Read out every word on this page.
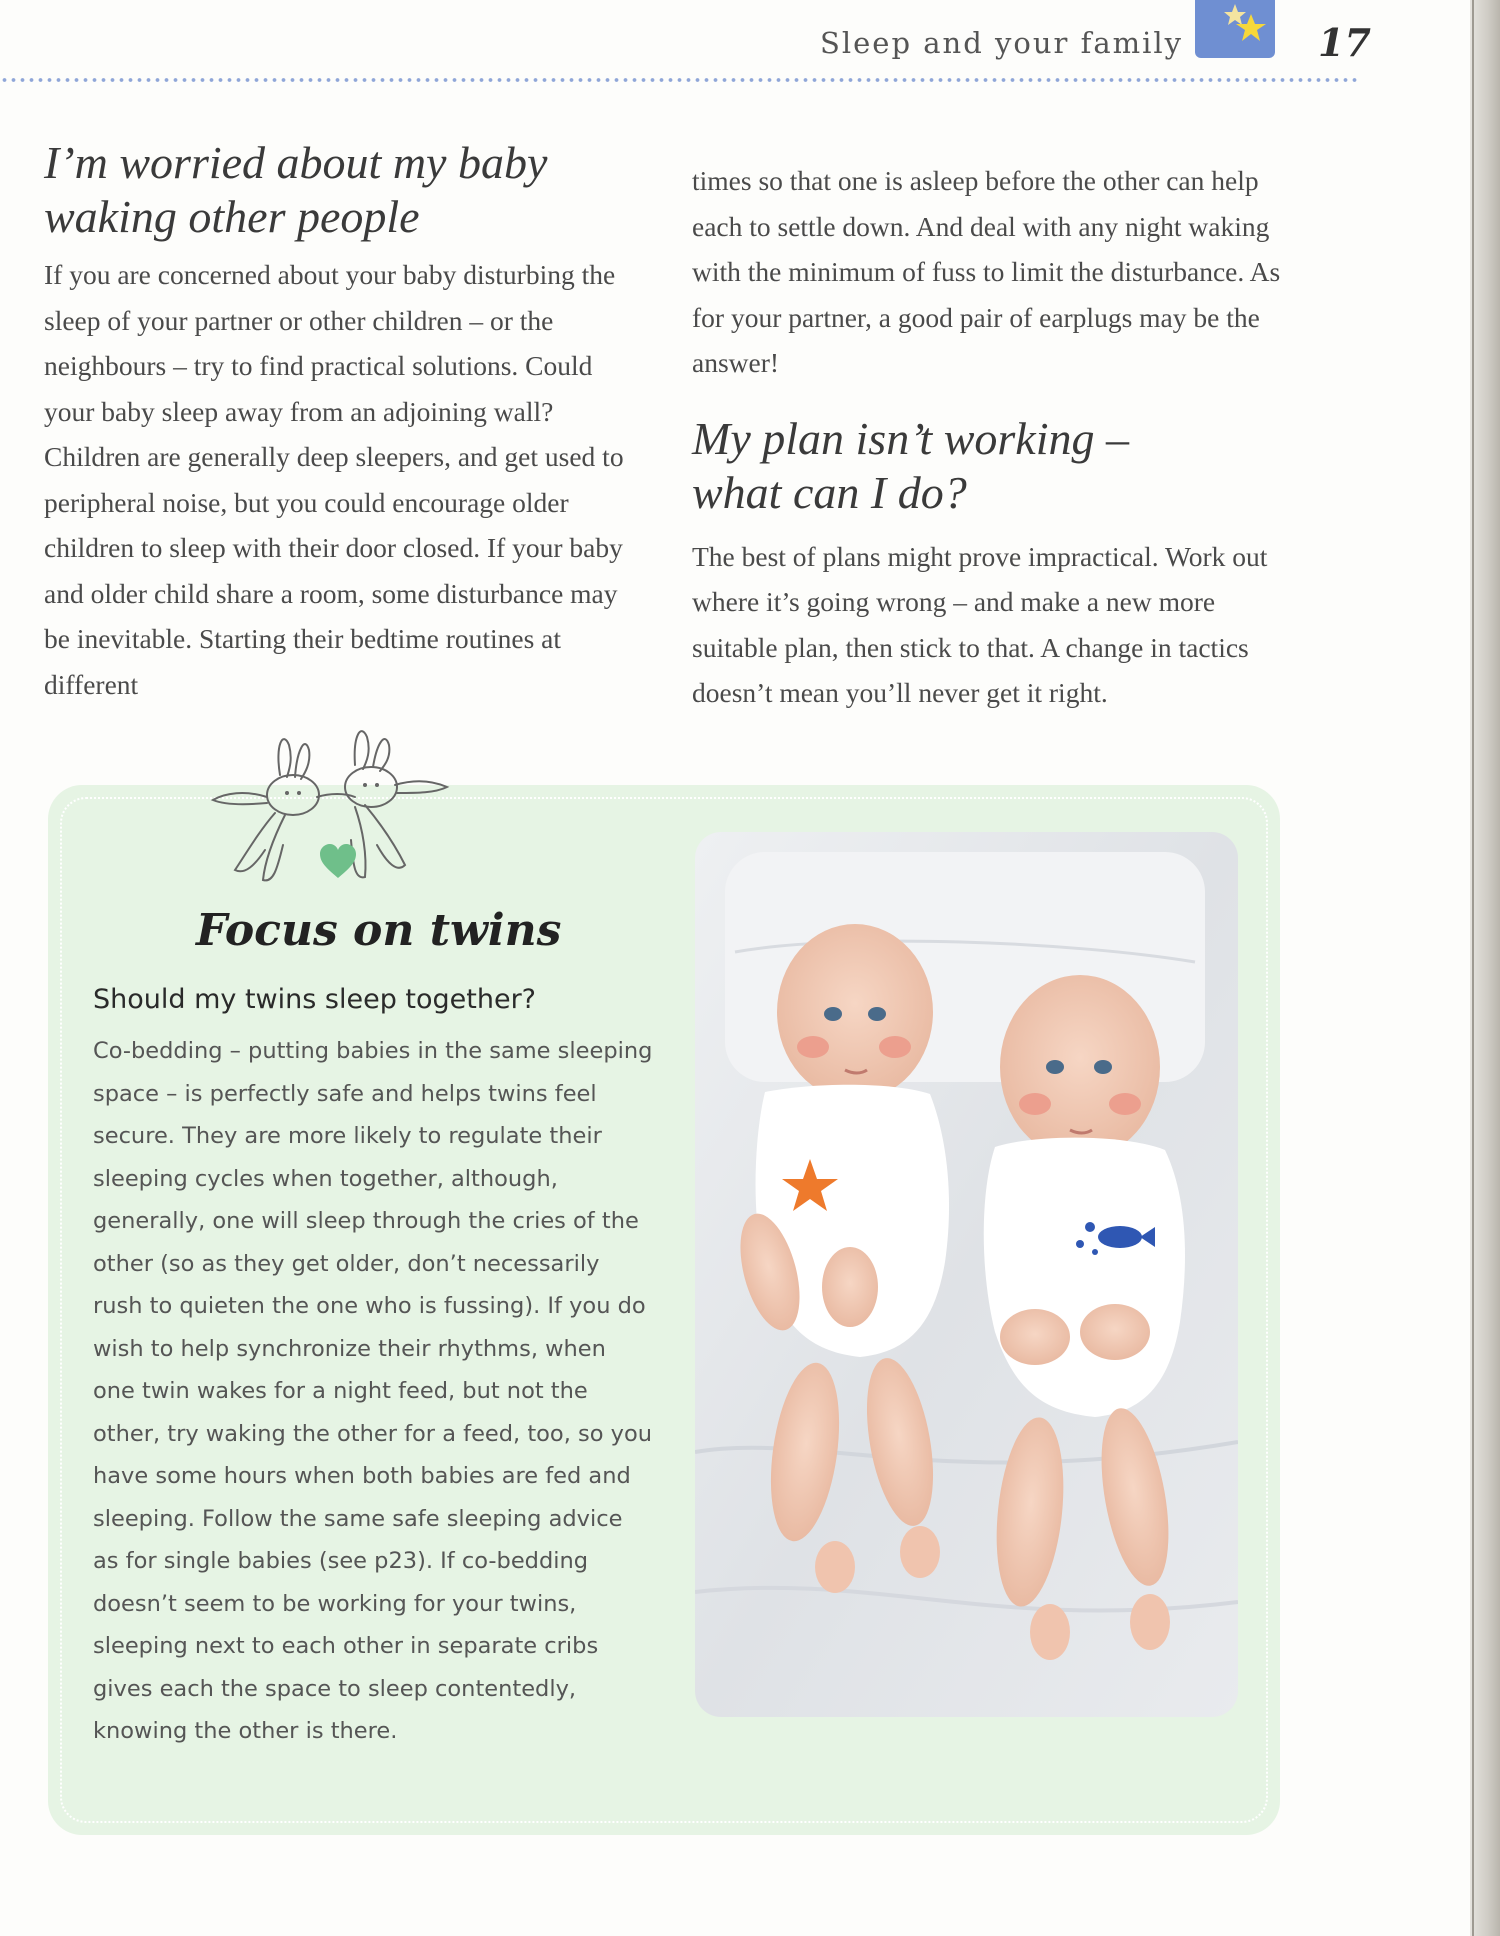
Sleep and your family	17
I’m worried about my baby
waking other people

If you are concerned about your baby disturbing the sleep of your partner or other children – or the neighbours – try to find practical solutions. Could your baby sleep away from an adjoining wall? Children are generally deep sleepers, and get used to peripheral noise, but you could encourage older children to sleep with their door closed. If your baby and older child share a room, some disturbance may be inevitable. Starting their bedtime routines at different

times so that one is asleep before the other can help each to settle down. And deal with any night waking with the minimum of fuss to limit the disturbance. As for your partner, a good pair of earplugs may be the answer!

My plan isn’t working –
what can I do?

The best of plans might prove impractical. Work out where it’s going wrong – and make a new more suitable plan, then stick to that. A change in tactics doesn’t mean you’ll never get it right.

Focus on twins
Should my twins sleep together?

Co-bedding – putting babies in the same sleeping space – is perfectly safe and helps twins feel secure. They are more likely to regulate their sleeping cycles when together, although, generally, one will sleep through the cries of the other (so as they get older, don’t necessarily rush to quieten the one who is fussing). If you do wish to help synchronize their rhythms, when one twin wakes for a night feed, but not the other, try waking the other for a feed, too, so you have some hours when both babies are fed and sleeping. Follow the same safe sleeping advice as for single babies (see p23). If co-bedding doesn’t seem to be working for your twins, sleeping next to each other in separate cribs gives each the space to sleep contentedly, knowing the other is there.
